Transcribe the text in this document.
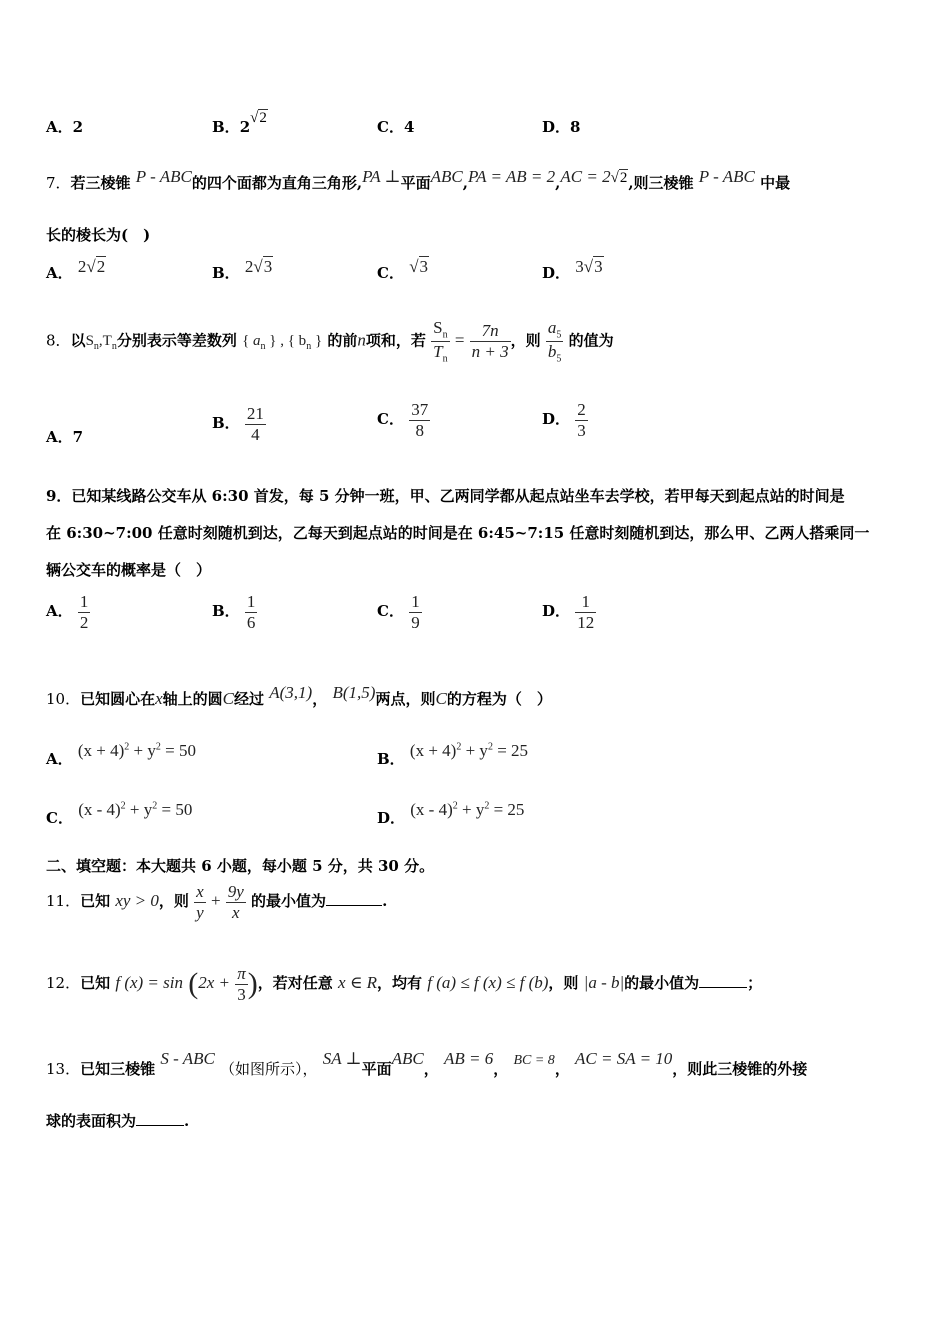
A．2	B．2√2	C．4	D．8
7．若三棱锥 P - ABC的四个面都为直角三角形,PA ⊥平面ABC,PA = AB = 2,AC = 2√2,则三棱锥 P - ABC 中最
长的棱长为(　)
A． 2√2	B． 2√3	C． √3	D． 3√3
8．以$S_n,T_n$分别表示等差数列 { $a_n$ } , { $b_n$ } 的前n项和，若 $\frac{S_n}{T_n} = \frac{7n}{n + 3}$ ，则 $\frac{a_5}{b_5}$ 的值为
A．7
B． $\frac{21}{4}$	C． $\frac{37}{8}$	D． $\frac{2}{3}$
9．已知某线路公交车从 6:30 首发，每 5 分钟一班，甲、乙两同学都从起点站坐车去学校，若甲每天到起点站的时间是
在 6:30~7:00 任意时刻随机到达，乙每天到起点站的时间是在 6:45~7:15 任意时刻随机到达，那么甲、乙两人搭乘同一
辆公交车的概率是（　）
A． $\frac{1}{2}$	B． $\frac{1}{6}$	C． $\frac{1}{9}$	D． $\frac{1}{12}$
10．已知圆心在x轴上的圆C经过 A(3,1)， B(1,5)两点，则C的方程为（　）
A． $(x + 4)^2 + y^2 = 50$	B． $(x + 4)^2 + y^2 = 25$
C． $(x - 4)^2 + y^2 = 50$	D． $(x - 4)^2 + y^2 = 25$
二、填空题：本大题共 6 小题，每小题 5 分，共 30 分。
11．已知 xy > 0，则 $\frac{x}{y} + \frac{9y}{x}$ 的最小值为	.
12．已知 f $(x) = \sin (2x + \frac{\pi}{3}$ )，若对任意 x ∈ R，均有 f (a) ≤ f (x) ≤ f (b)，则 |a - b|的最小值为	；
13．已知三棱锥 S - ABC （如图所示）， SA ⊥平面ABC， AB = 6， BC = 8， AC = SA = 10，则此三棱锥的外接
球的表面积为	.
